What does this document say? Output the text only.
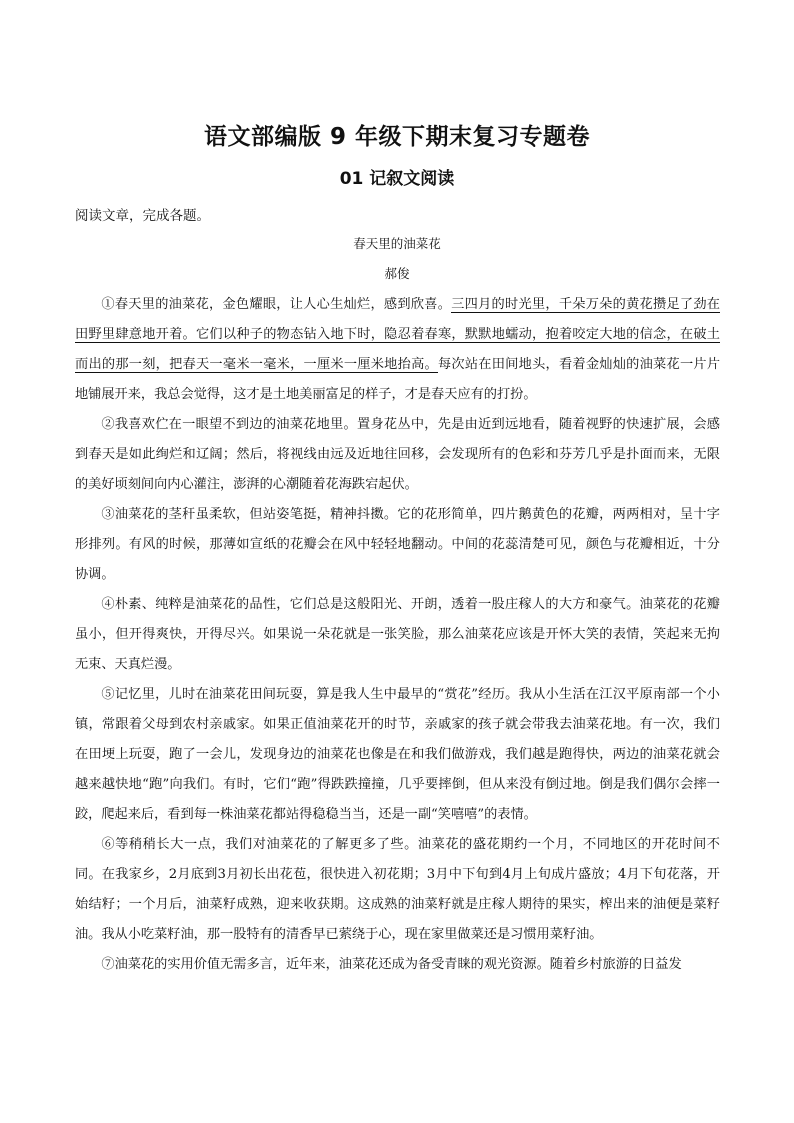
语文部编版 9 年级下期末复习专题卷
01 记叙文阅读
阅读文章，完成各题。
春天里的油菜花
郝俊

①春天里的油菜花，金色耀眼，让人心生灿烂，感到欣喜。三四月的时光里，千朵万朵的黄花攒足了劲在田野里肆意地开着。它们以种子的物态钻入地下时，隐忍着春寒，默默地蠕动，抱着咬定大地的信念，在破土而出的那一刻，把春天一毫米一毫米，一厘米一厘米地抬高。每次站在田间地头，看着金灿灿的油菜花一片片地铺展开来，我总会觉得，这才是土地美丽富足的样子，才是春天应有的打扮。

②我喜欢伫在一眼望不到边的油菜花地里。置身花丛中，先是由近到远地看，随着视野的快速扩展，会感到春天是如此绚烂和辽阔；然后，将视线由远及近地往回移，会发现所有的色彩和芬芳几乎是扑面而来，无限的美好顷刻间向内心灌注，澎湃的心潮随着花海跌宕起伏。

③油菜花的茎秆虽柔软，但站姿笔挺，精神抖擞。它的花形简单，四片鹅黄色的花瓣，两两相对，呈十字形排列。有风的时候，那薄如宣纸的花瓣会在风中轻轻地翻动。中间的花蕊清楚可见，颜色与花瓣相近，十分协调。

④朴素、纯粹是油菜花的品性，它们总是这般阳光、开朗，透着一股庄稼人的大方和豪气。油菜花的花瓣虽小，但开得爽快，开得尽兴。如果说一朵花就是一张笑脸，那么油菜花应该是开怀大笑的表情，笑起来无拘无束、天真烂漫。

⑤记忆里，儿时在油菜花田间玩耍，算是我人生中最早的“赏花”经历。我从小生活在江汉平原南部一个小镇，常跟着父母到农村亲戚家。如果正值油菜花开的时节，亲戚家的孩子就会带我去油菜花地。有一次，我们在田埂上玩耍，跑了一会儿，发现身边的油菜花也像是在和我们做游戏，我们越是跑得快，两边的油菜花就会越来越快地“跑”向我们。有时，它们“跑”得跌跌撞撞，几乎要摔倒，但从来没有倒过地。倒是我们偶尔会摔一跤，爬起来后，看到每一株油菜花都站得稳稳当当，还是一副“笑嘻嘻”的表情。

⑥等稍稍长大一点，我们对油菜花的了解更多了些。油菜花的盛花期约一个月，不同地区的开花时间不同。在我家乡，2月底到3月初长出花苞，很快进入初花期；3月中下旬到4月上旬成片盛放；4月下旬花落，开始结籽；一个月后，油菜籽成熟，迎来收获期。这成熟的油菜籽就是庄稼人期待的果实，榨出来的油便是菜籽油。我从小吃菜籽油，那一股特有的清香早已萦绕于心，现在家里做菜还是习惯用菜籽油。

⑦油菜花的实用价值无需多言，近年来，油菜花还成为备受青睐的观光资源。随着乡村旅游的日益发
